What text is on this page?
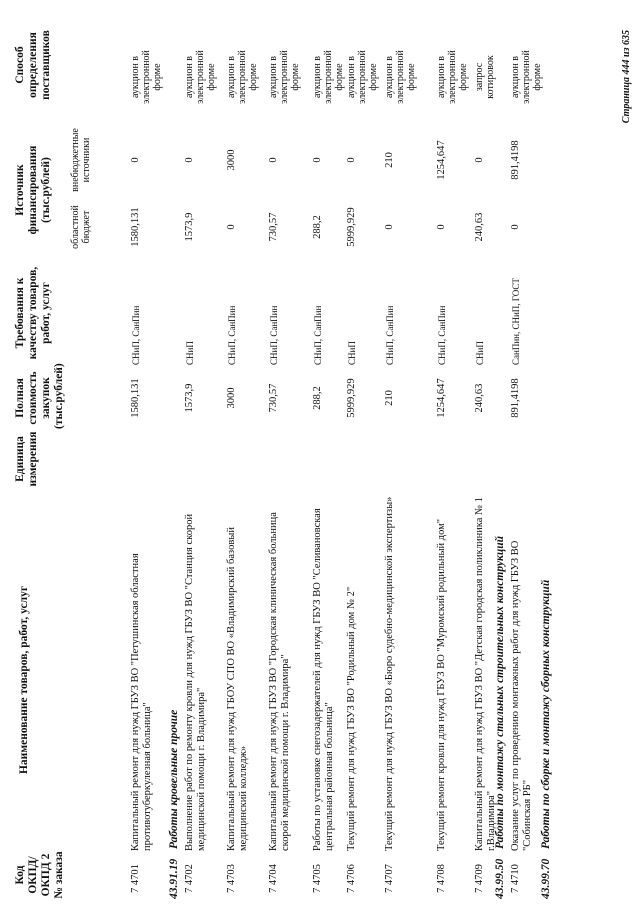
Код ОКПД/ ОКПД 2 № заказа
Наименование товаров, работ, услуг
Единица измерения
Полная стоимость закупок (тыс.рублей)
Требования к качеству товаров, работ, услуг
Источник финансирования (тыс.рублей)
областной бюджет
внебюджетные источники
Способ определения поставщиков
7 4701
Капитальный ремонт для нужд ГБУЗ ВО "Петушинская областная противотуберкулезная больница"
1580,131
СНиП, СанПин
1580,131
0
аукцион в электронной форме
43.91.19
Работы кровельные прочие
7 4702
Выполнение работ по ремонту кровли для нужд ГБУЗ ВО "Станция скорой медицинской помощи г. Владимира"
1573,9
СНиП
1573,9
0
аукцион в электронной форме
7 4703
Капитальный ремонт для нужд ГБОУ СПО ВО «Владимирский базовый медицинский колледж»
3000
СНиП, СанПин
0
3000
аукцион в электронной форме
7 4704
Капитальный ремонт для нужд ГБУЗ ВО "Городская клиническая больница скорой медицинской помощи г. Владимира"
730,57
СНиП, СанПин
730,57
0
аукцион в электронной форме
7 4705
Работы по установке снегозадержателей для нужд ГБУЗ ВО "Селивановская центральная районная больница"
288,2
СНиП, СанПин
288,2
0
аукцион в электронной форме
7 4706
Текущий ремонт для нужд ГБУЗ ВО "Родильный дом № 2"
5999,929
СНиП
5999,929
0
аукцион в электронной форме
7 4707
Текущий ремонт для нужд ГБУЗ ВО «Бюро судебно-медицинской экспертизы»
210
СНиП, СанПин
0
210
аукцион в электронной форме
7 4708
Текущий ремонт кровли для нужд ГБУЗ ВО "Муромский родильный дом"
1254,647
СНиП, СанПин
0
1254,647
аукцион в электронной форме
7 4709
Капитальный ремонт для нужд ГБУЗ ВО "Детская городская поликлиника № 1 г.Владимира"
240,63
СНиП
240,63
0
запрос котировок
43.99.50
Работы по монтажу стальных строительных конструкций
7 4710
Оказание услуг по проведению монтажных работ для нужд ГБУЗ ВО "Собинская РБ"
891,4198
СанПин, СНиП, ГОСТ
0
891,4198
аукцион в электронной форме
43.99.70
Работы по сборке и монтажу сборных конструкций
Страница 444 из 635
